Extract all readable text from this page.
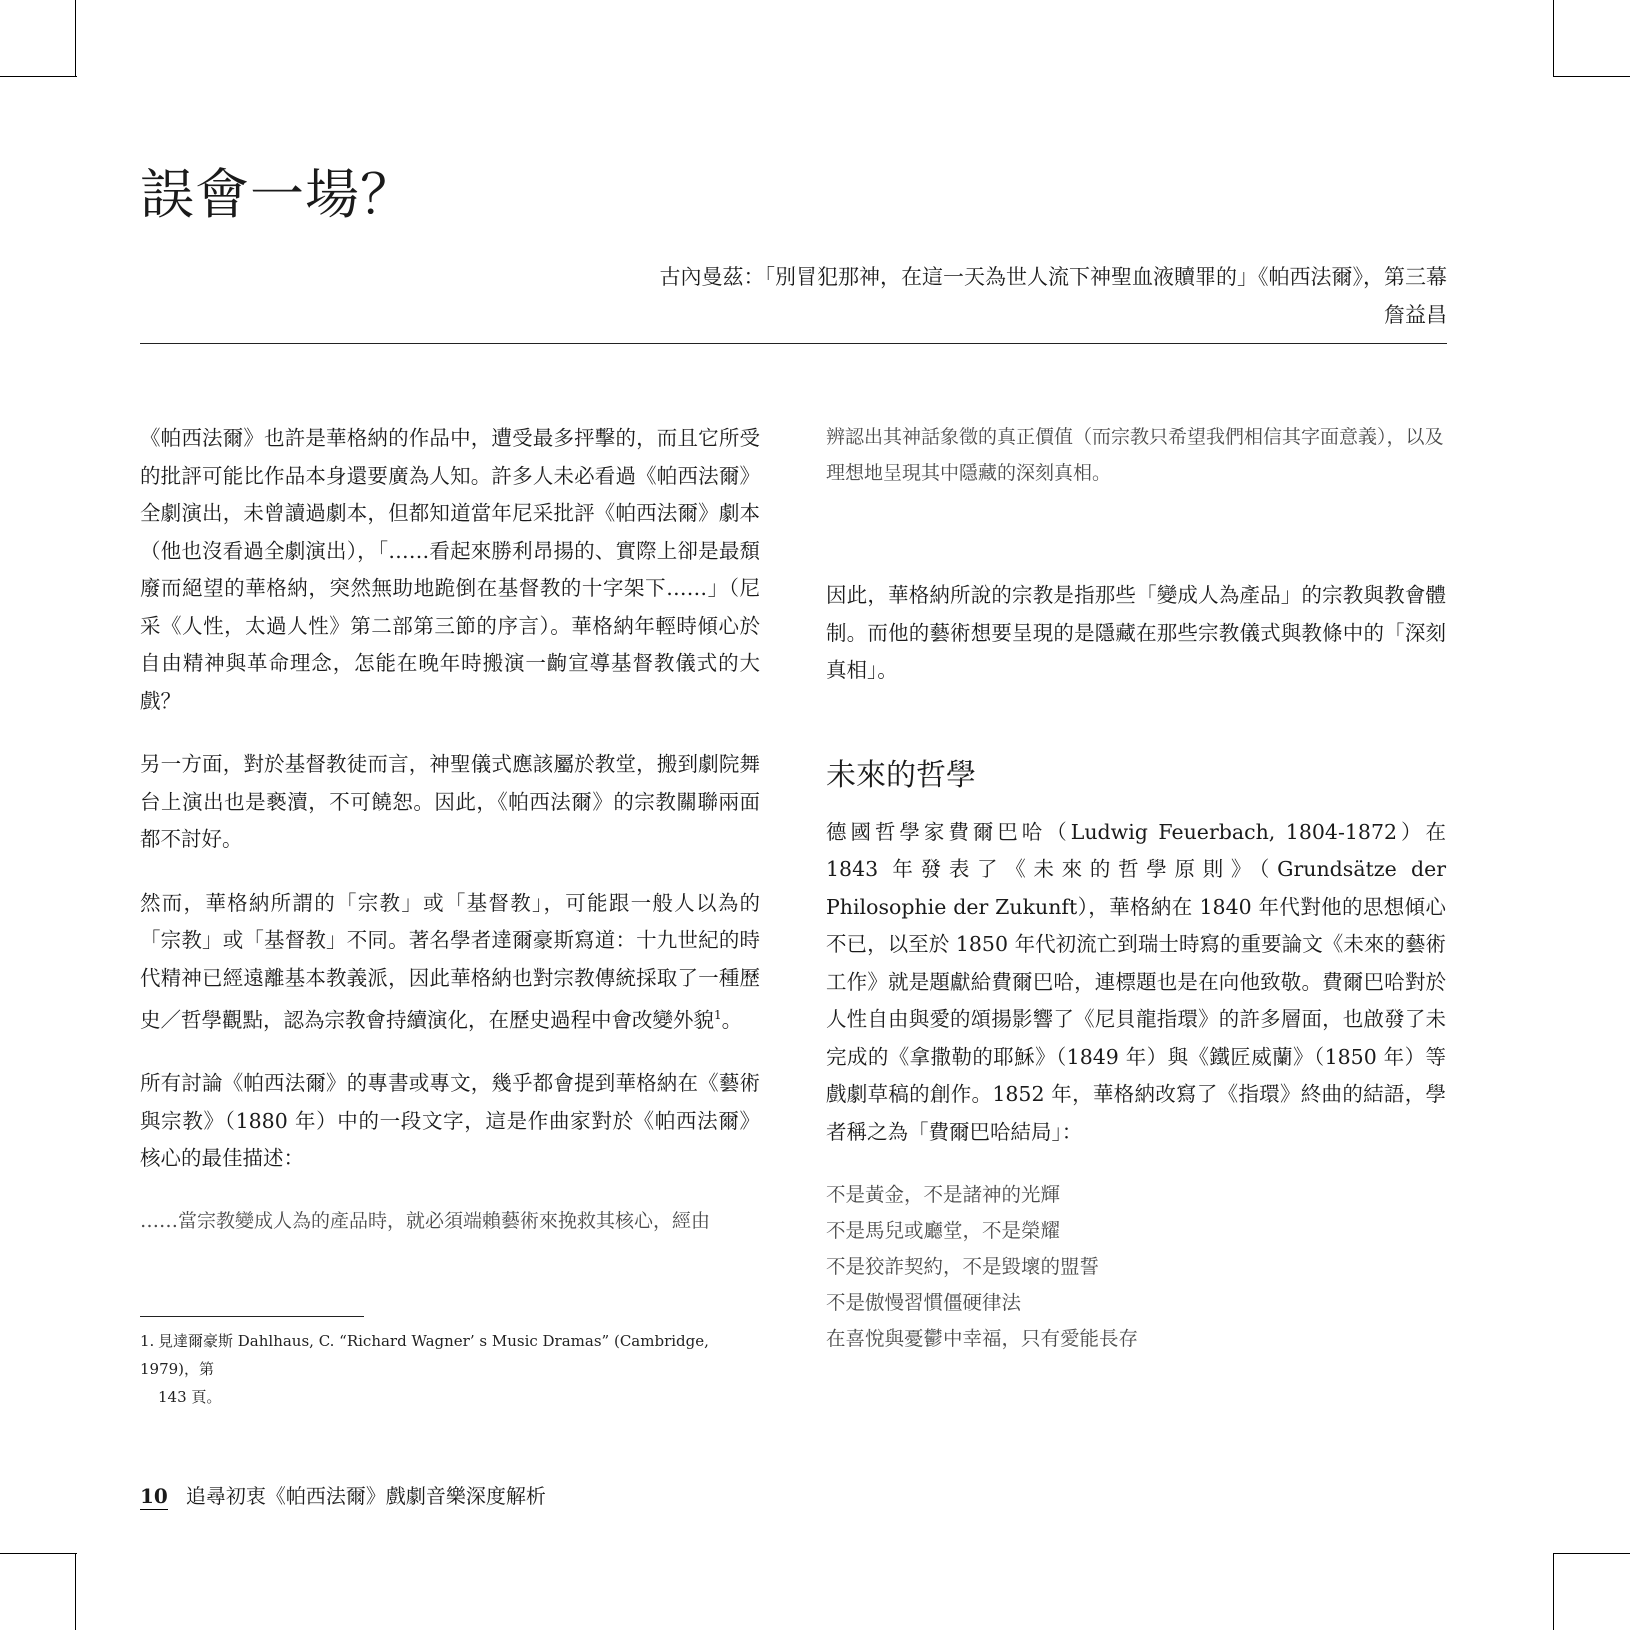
誤會一場？
古內曼茲：「別冒犯那神，在這一天為世人流下神聖血液贖罪的」《帕西法爾》，第三幕
詹益昌

《帕西法爾》也許是華格納的作品中，遭受最多抨擊的，而且它所受的批評可能比作品本身還要廣為人知。許多人未必看過《帕西法爾》全劇演出，未曾讀過劇本，但都知道當年尼采批評《帕西法爾》劇本（他也沒看過全劇演出），「……看起來勝利昂揚的、實際上卻是最頹廢而絕望的華格納，突然無助地跪倒在基督教的十字架下……」（尼采《人性，太過人性》第二部第三節的序言）。華格納年輕時傾心於自由精神與革命理念，怎能在晚年時搬演一齣宣導基督教儀式的大戲？

另一方面，對於基督教徒而言，神聖儀式應該屬於教堂，搬到劇院舞台上演出也是褻瀆，不可饒恕。因此，《帕西法爾》的宗教關聯兩面都不討好。

然而，華格納所謂的「宗教」或「基督教」，可能跟一般人以為的「宗教」或「基督教」不同。著名學者達爾豪斯寫道：十九世紀的時代精神已經遠離基本教義派，因此華格納也對宗教傳統採取了一種歷史／哲學觀點，認為宗教會持續演化，在歷史過程中會改變外貌$^1$。

所有討論《帕西法爾》的專書或專文，幾乎都會提到華格納在《藝術與宗教》（1880 年）中的一段文字，這是作曲家對於《帕西法爾》核心的最佳描述：

……當宗教變成人為的產品時，就必須端賴藝術來挽救其核心，經由

辨認出其神話象徵的真正價值（而宗教只希望我們相信其字面意義），以及理想地呈現其中隱藏的深刻真相。

因此，華格納所說的宗教是指那些「變成人為產品」的宗教與教會體制。而他的藝術想要呈現的是隱藏在那些宗教儀式與教條中的「深刻真相」。

未來的哲學

德國哲學家費爾巴哈（Ludwig Feuerbach, 1804-1872）在 1843 年發表了《未來的哲學原則》（Grundsätze der Philosophie der Zukunft），華格納在 1840 年代對他的思想傾心不已，以至於 1850 年代初流亡到瑞士時寫的重要論文《未來的藝術工作》就是題獻給費爾巴哈，連標題也是在向他致敬。費爾巴哈對於人性自由與愛的頌揚影響了《尼貝龍指環》的許多層面，也啟發了未完成的《拿撒勒的耶穌》（1849 年）與《鐵匠威蘭》（1850 年）等戲劇草稿的創作。1852 年，華格納改寫了《指環》終曲的結語，學者稱之為「費爾巴哈結局」：

不是黃金，不是諸神的光輝
不是馬兒或廳堂，不是榮耀
不是狡詐契約，不是毀壞的盟誓
不是傲慢習慣僵硬律法
在喜悅與憂鬱中幸福，只有愛能長存
1. 見達爾豪斯 Dahlhaus, C. “Richard Wagner’ s Music Dramas” (Cambridge, 1979)，第
143 頁。
10 追尋初衷《帕西法爾》戲劇音樂深度解析
